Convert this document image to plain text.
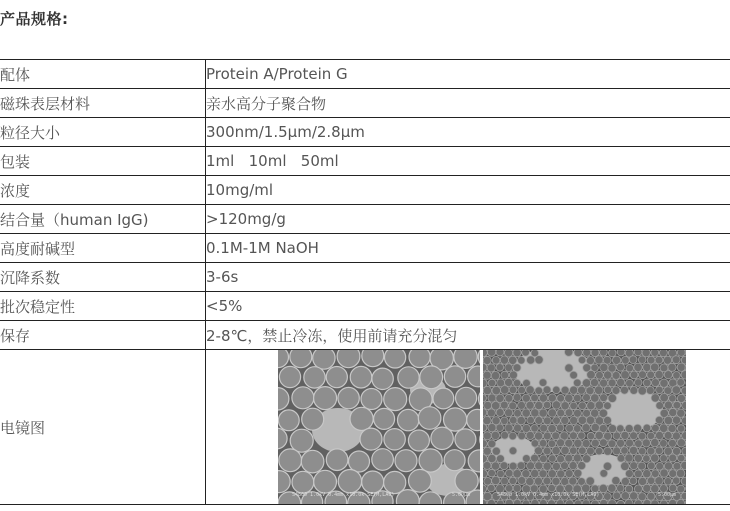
产品规格:
配体	Protein A/Protein G
磁珠表层材料	亲水高分子聚合物
粒径大小	300nm/1.5μm/2.8μm
包装	1ml   10ml   50ml
浓度	10mg/ml
结合量（human IgG)	>120mg/g
高度耐碱型	0.1M-1M NaOH
沉降系数	3-6s
批次稳定性	<5%
保存	2-8℃，禁止冷冻，使用前请充分混匀
电镜图	S4800 1.0kV 0.4mm x10.0k SE(M,LA0) 5.00μm S4800 1.0kV 0.4mm x10.0k SE(M,LA0) 5.00μm
